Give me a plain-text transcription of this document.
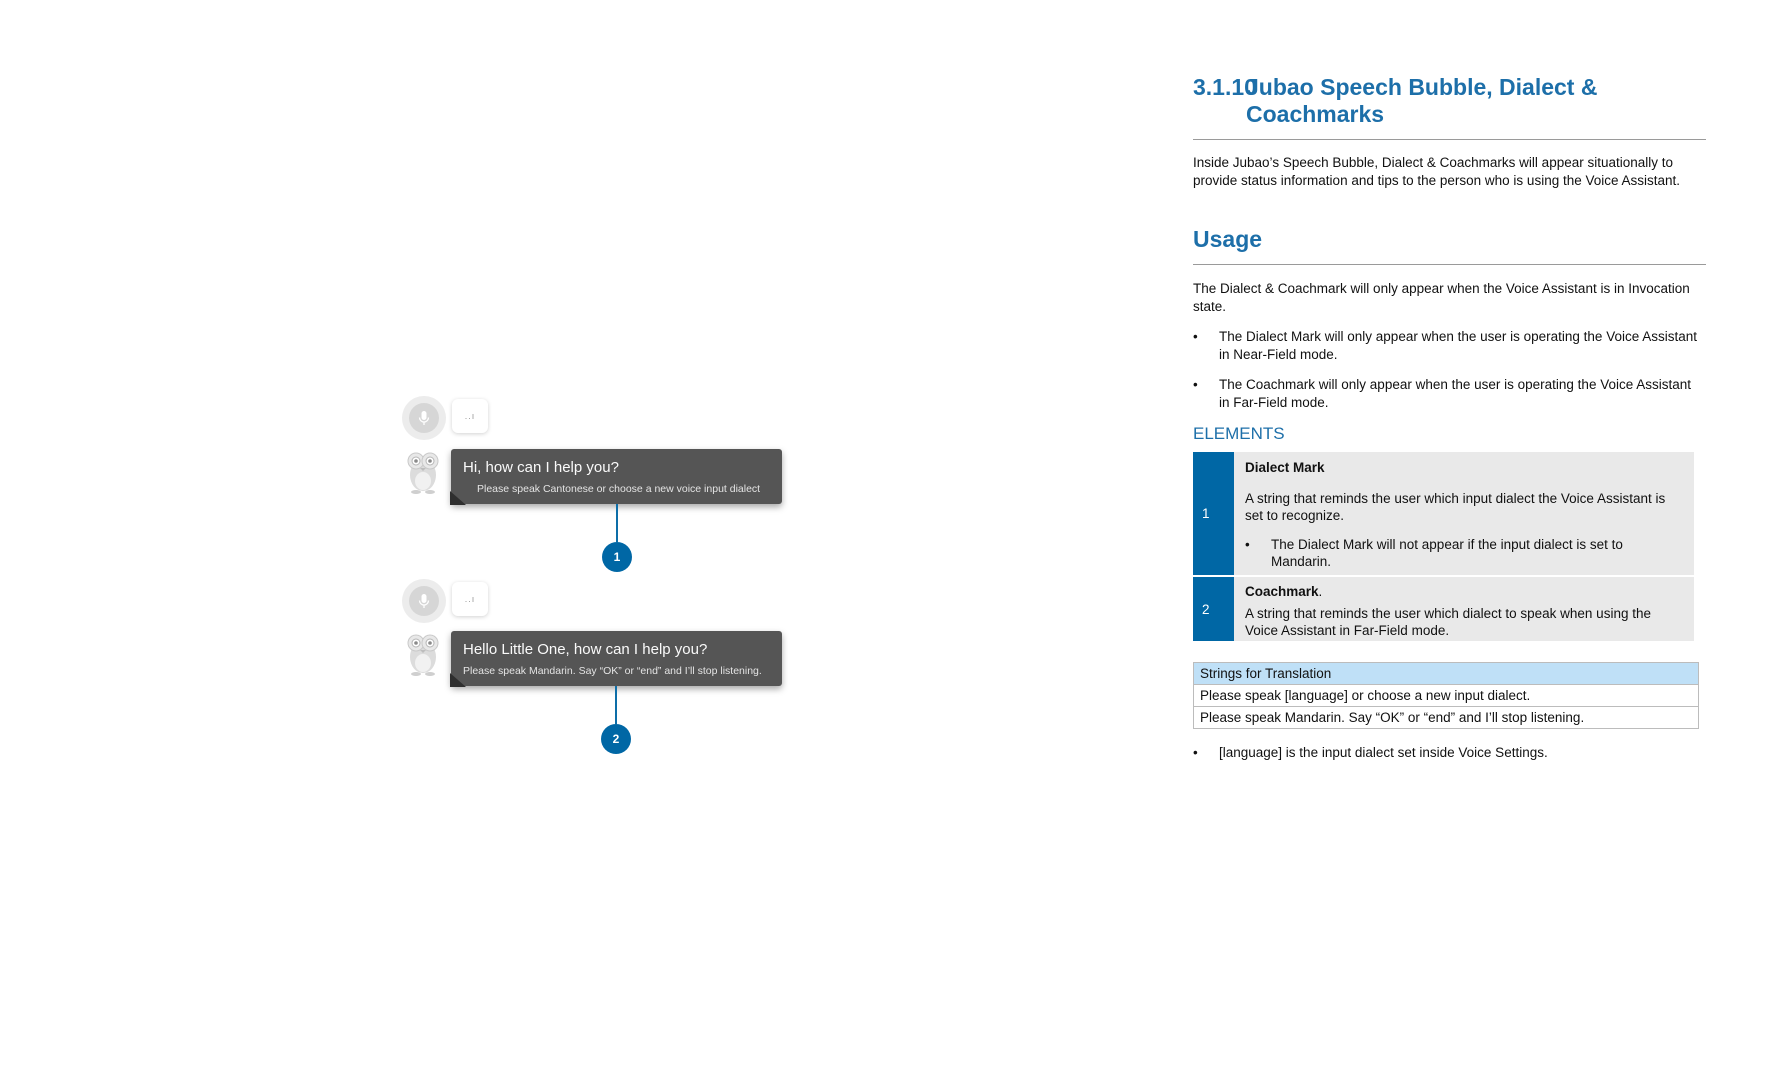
..ı
Hi, how can I help you?
Please speak Cantonese or choose a new voice input dialect
1
..ı
Hello Little One, how can I help you?
Please speak Mandarin. Say “OK” or “end” and I’ll stop listening.
2
3.1.10Jubao Speech Bubble, Dialect &
Coachmarks
Inside Jubao’s Speech Bubble, Dialect & Coachmarks will appear situationally to provide status information and tips to the person who is using the Voice Assistant.
Usage
The Dialect & Coachmark will only appear when the Voice Assistant is in Invocation state.
• The Dialect Mark will only appear when the user is operating the Voice Assistant in Near-Field mode.
• The Coachmark will only appear when the user is operating the Voice Assistant in Far-Field mode.
ELEMENTS
1
Dialect Mark
A string that reminds the user which input dialect the Voice Assistant is set to recognize.
• The Dialect Mark will not appear if the input dialect is set to Mandarin.
2
Coachmark.
A string that reminds the user which dialect to speak when using the Voice Assistant in Far-Field mode.
Strings for Translation
Please speak [language] or choose a new input dialect.
Please speak Mandarin. Say “OK” or “end” and I’ll stop listening.
• [language] is the input dialect set inside Voice Settings.
